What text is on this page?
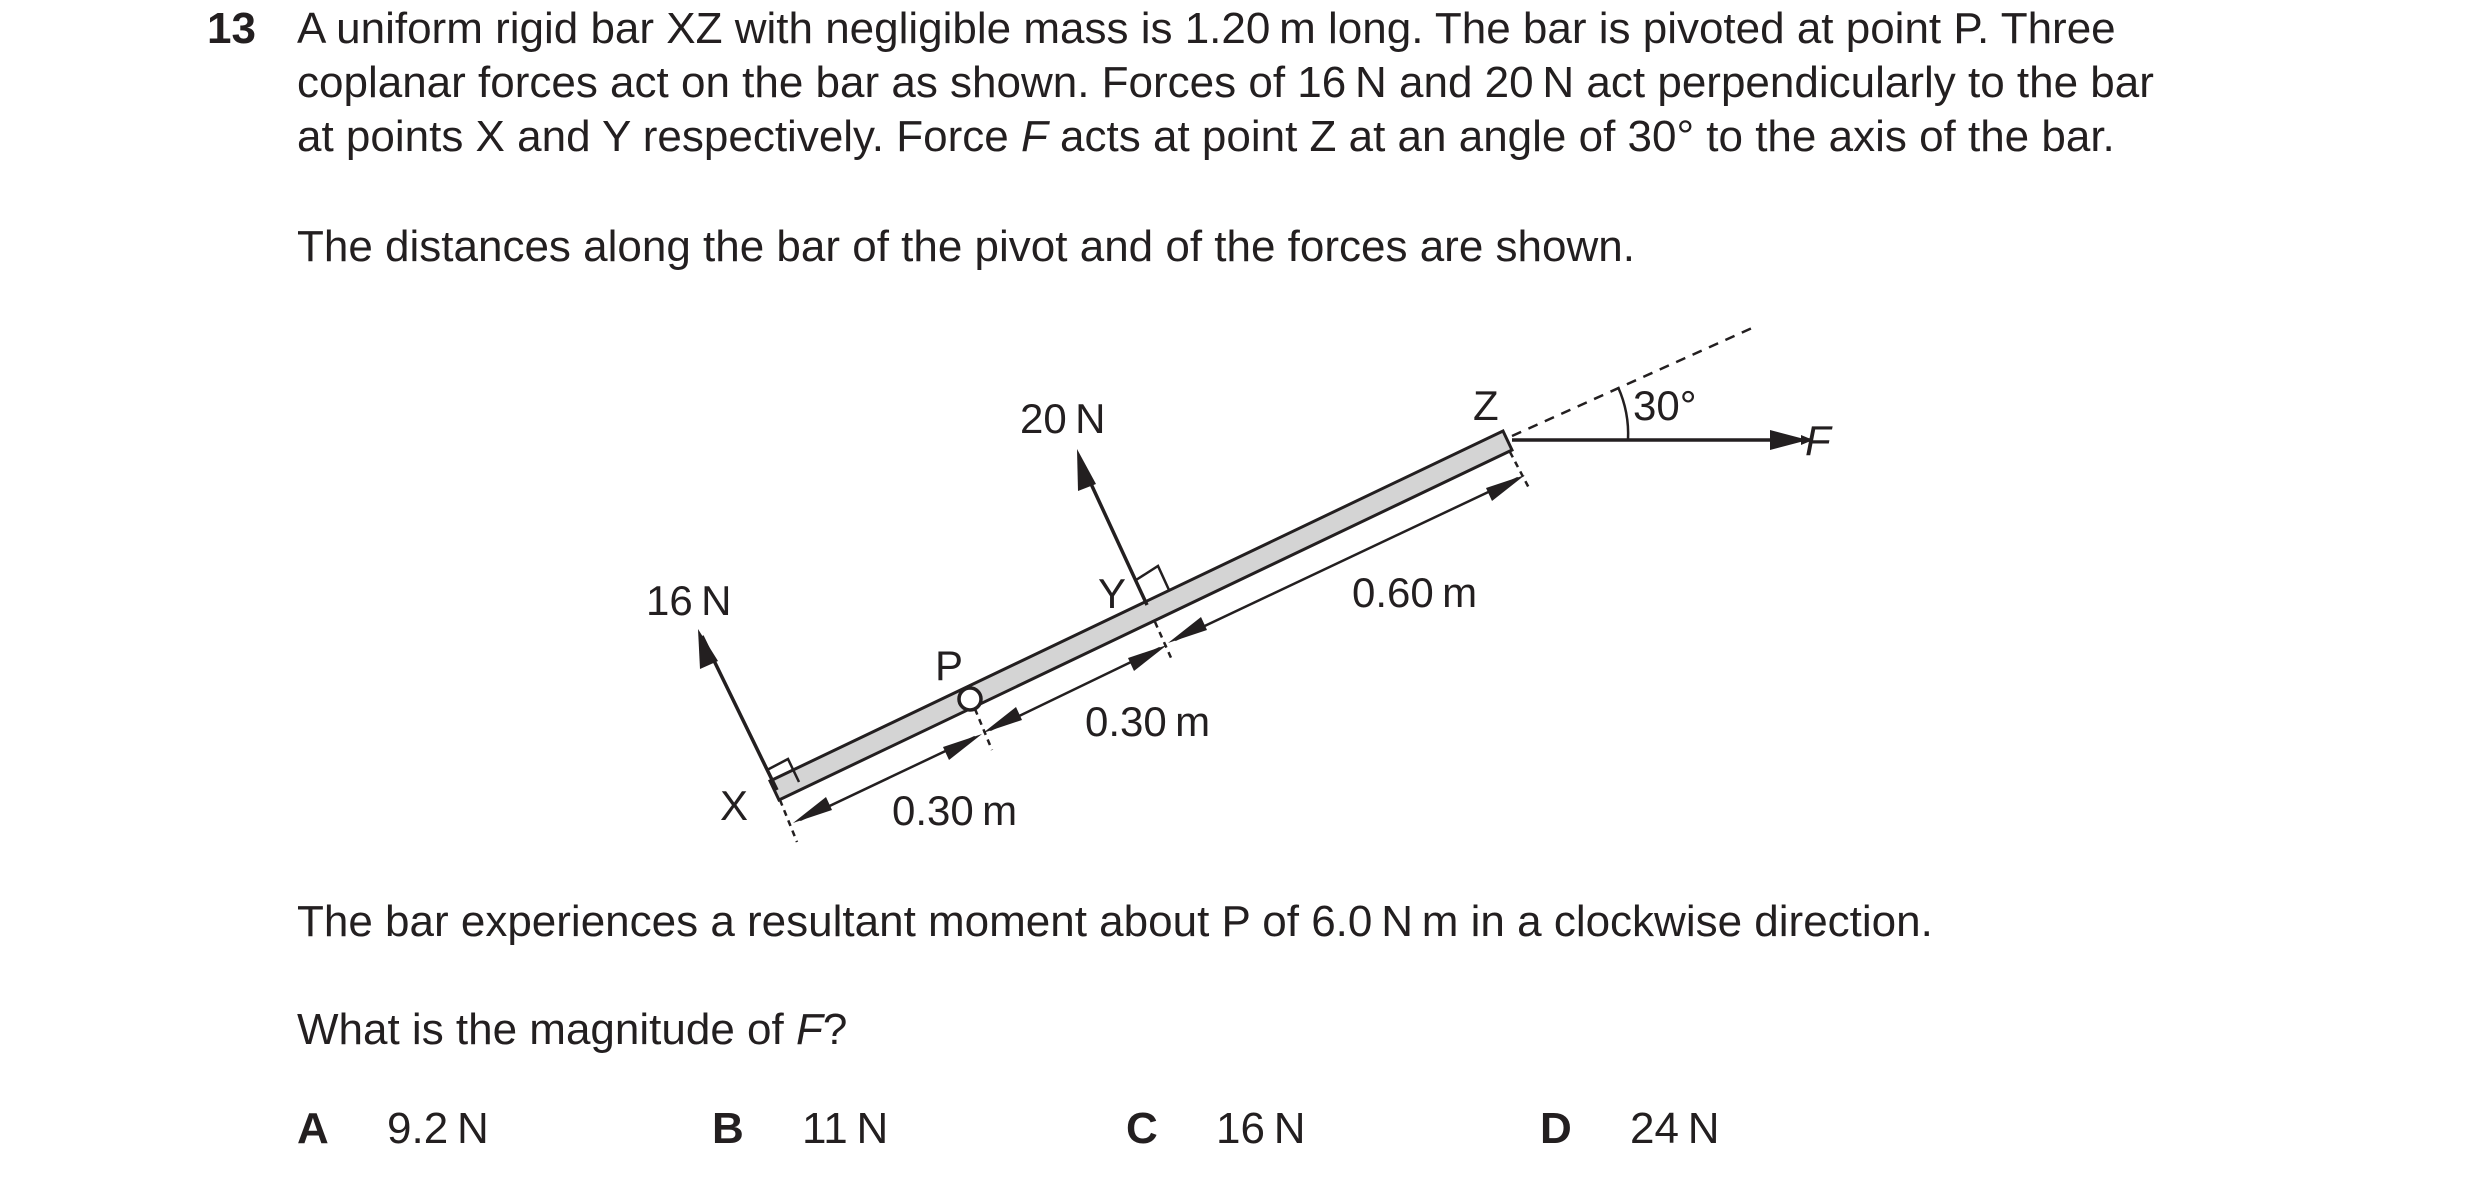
13 A uniform rigid bar XZ with negligible mass is 1.20 m long. The bar is pivoted at point P. Three
coplanar forces act on the bar as shown. Forces of 16 N and 20 N act perpendicularly to the bar
at points X and Y respectively. Force F acts at point Z at an angle of 30° to the axis of the bar.
The distances along the bar of the pivot and of the forces are shown.
X
P
Y
Z
16 N
20 N	F
30°
0.30 m
0.30 m
0.60 m
The bar experiences a resultant moment about P of 6.0 N m in a clockwise direction.
What is the magnitude of F?
A 9.2 N	B 11 N	C 16 N	D 24 N
